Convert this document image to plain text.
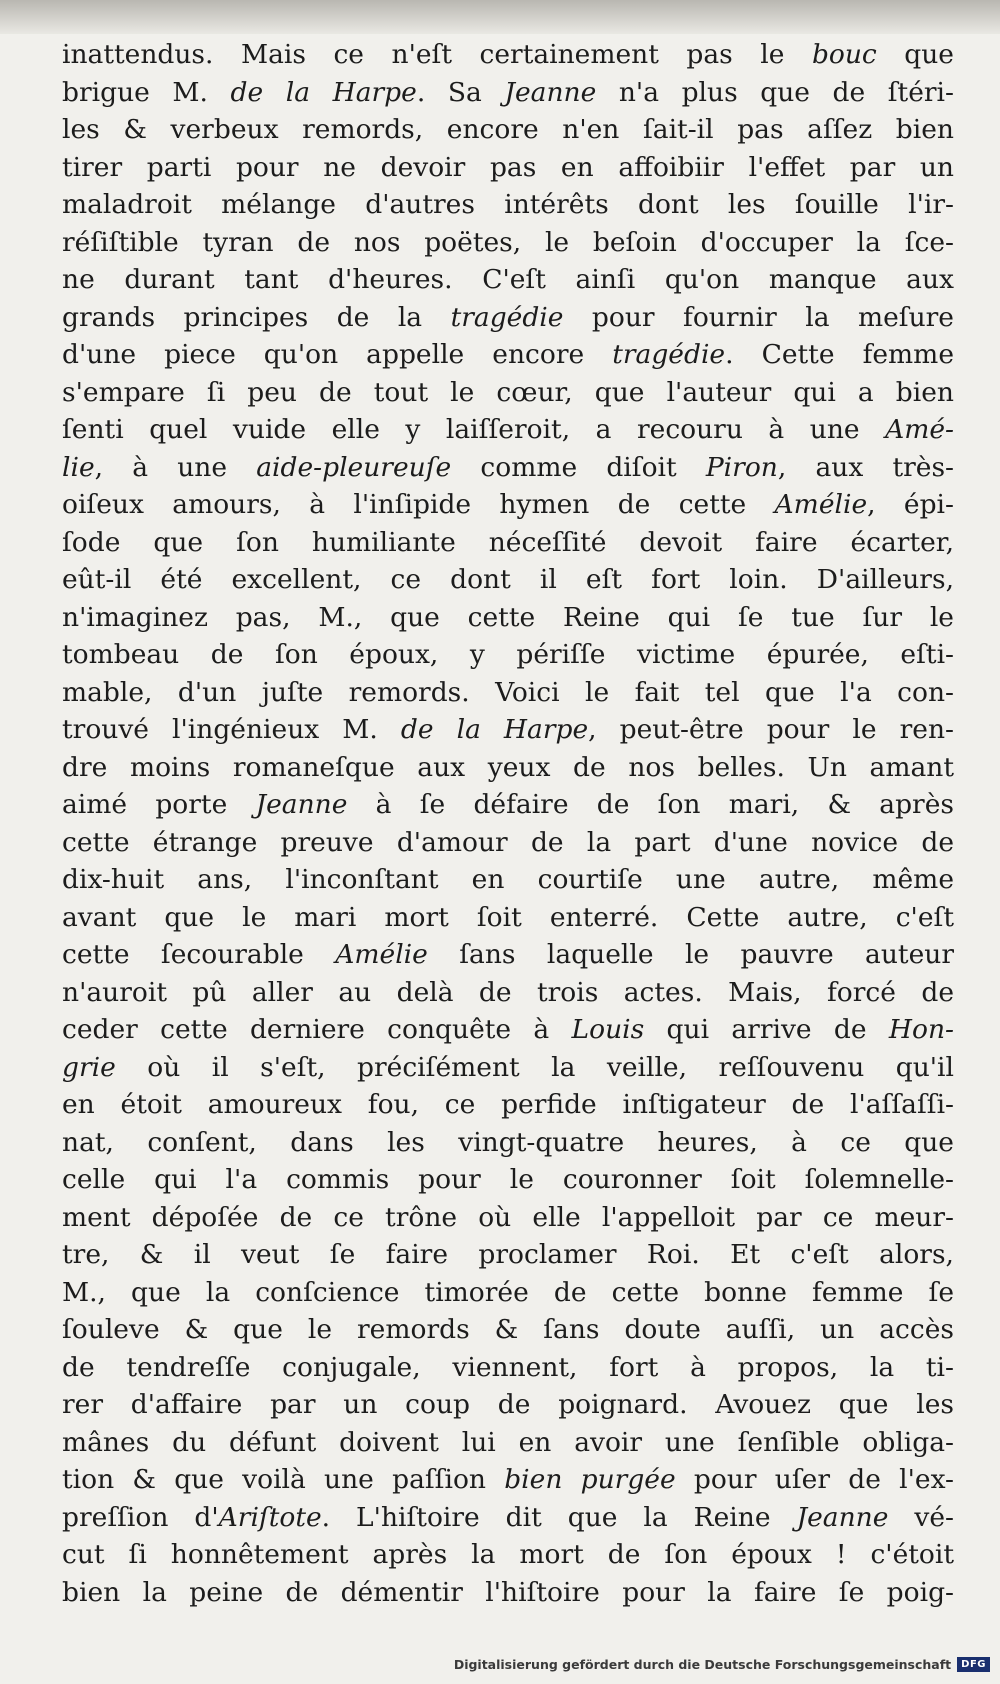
inattendus. Mais ce n'eſt certainement pas le bouc que
brigue M. de la Harpe. Sa Jeanne n'a plus que de ſtéri-
les & verbeux remords, encore n'en ſait-il pas aſſez bien
tirer parti pour ne devoir pas en affoibiir l'effet par un
maladroit mélange d'autres intérêts dont les ſouille l'ir-
réſiſtible tyran de nos poëtes, le beſoin d'occuper la ſce-
ne durant tant d'heures. C'eſt ainſi qu'on manque aux
grands principes de la tragédie pour fournir la meſure
d'une piece qu'on appelle encore tragédie. Cette femme
s'empare ſi peu de tout le cœur, que l'auteur qui a bien
ſenti quel vuide elle y laiſſeroit, a recouru à une Amé-
lie, à une aide-pleureuſe comme diſoit Piron, aux très-
oiſeux amours, à l'inſipide hymen de cette Amélie, épi-
ſode que ſon humiliante néceſſité devoit faire écarter,
eût-il été excellent, ce dont il eſt fort loin. D'ailleurs,
n'imaginez pas, M., que cette Reine qui ſe tue ſur le
tombeau de ſon époux, y périſſe victime épurée, eſti-
mable, d'un juſte remords. Voici le fait tel que l'a con-
trouvé l'ingénieux M. de la Harpe, peut-être pour le ren-
dre moins romaneſque aux yeux de nos belles. Un amant
aimé porte Jeanne à ſe défaire de ſon mari, & après
cette étrange preuve d'amour de la part d'une novice de
dix-huit ans, l'inconſtant en courtiſe une autre, même
avant que le mari mort ſoit enterré. Cette autre, c'eſt
cette ſecourable Amélie ſans laquelle le pauvre auteur
n'auroit pû aller au delà de trois actes. Mais, forcé de
ceder cette derniere conquête à Louis qui arrive de Hon-
grie où il s'eſt, préciſément la veille, reſſouvenu qu'il
en étoit amoureux fou, ce perfide inſtigateur de l'aſſaſſi-
nat, conſent, dans les vingt-quatre heures, à ce que
celle qui l'a commis pour le couronner ſoit ſolemnelle-
ment dépoſée de ce trône où elle l'appelloit par ce meur-
tre, & il veut ſe faire proclamer Roi. Et c'eſt alors,
M., que la conſcience timorée de cette bonne femme ſe
ſouleve & que le remords & ſans doute auſſi, un accès
de tendreſſe conjugale, viennent, fort à propos, la ti-
rer d'affaire par un coup de poignard. Avouez que les
mânes du défunt doivent lui en avoir une ſenſible obliga-
tion & que voilà une paſſion bien purgée pour uſer de l'ex-
preſſion d'Ariſtote. L'hiſtoire dit que la Reine Jeanne vé-
cut ſi honnêtement après la mort de ſon époux ! c'étoit
bien la peine de démentir l'hiſtoire pour la faire ſe poig-
Digitalisierung gefördert durch die Deutsche Forschungsgemeinschaft	DFG
